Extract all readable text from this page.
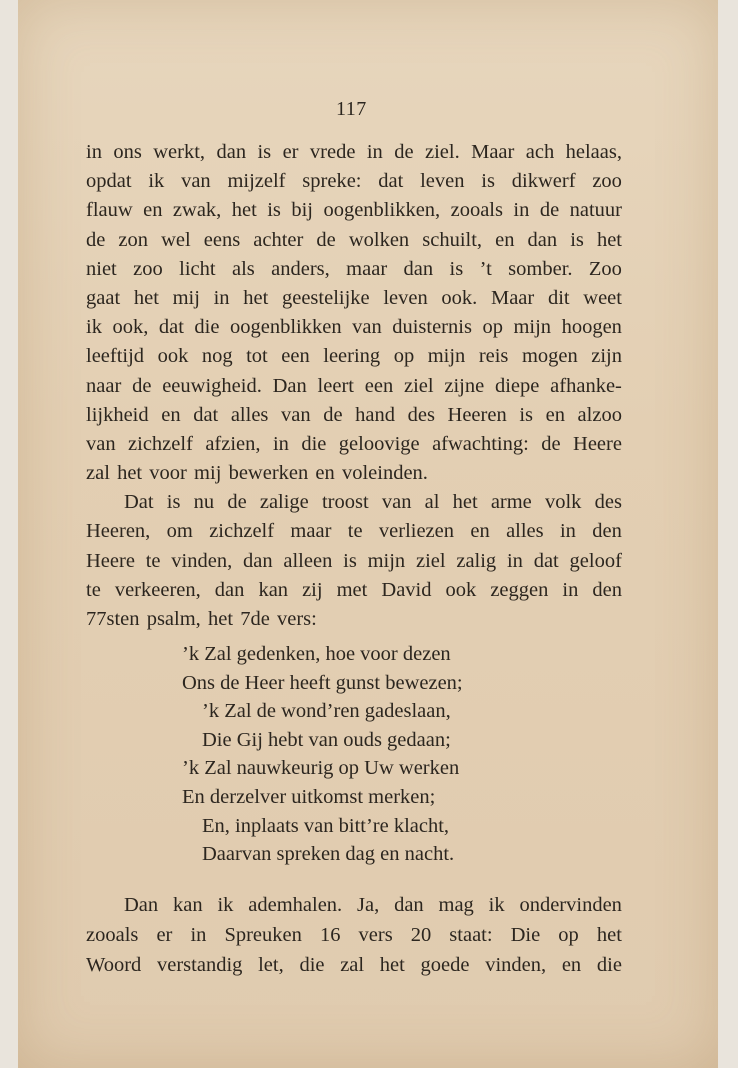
117
in ons werkt, dan is er vrede in de ziel. Maar ach helaas,
opdat ik van mijzelf spreke: dat leven is dikwerf zoo
flauw en zwak, het is bij oogenblikken, zooals in de natuur
de zon wel eens achter de wolken schuilt, en dan is het
niet zoo licht als anders, maar dan is ’t somber. Zoo
gaat het mij in het geestelijke leven ook. Maar dit weet
ik ook, dat die oogenblikken van duisternis op mijn hoogen
leeftijd ook nog tot een leering op mijn reis mogen zijn
naar de eeuwigheid. Dan leert een ziel zijne diepe afhanke-
lijkheid en dat alles van de hand des Heeren is en alzoo
van zichzelf afzien, in die geloovige afwachting: de Heere
zal het voor mij bewerken en voleinden.
Dat is nu de zalige troost van al het arme volk des
Heeren, om zichzelf maar te verliezen en alles in den
Heere te vinden, dan alleen is mijn ziel zalig in dat geloof
te verkeeren, dan kan zij met David ook zeggen in den
77sten psalm, het 7de vers:
’k Zal gedenken, hoe voor dezen
Ons de Heer heeft gunst bewezen;
’k Zal de wond’ren gadeslaan,
Die Gij hebt van ouds gedaan;
’k Zal nauwkeurig op Uw werken
En derzelver uitkomst merken;
En, inplaats van bitt’re klacht,
Daarvan spreken dag en nacht.
Dan kan ik ademhalen. Ja, dan mag ik ondervinden
zooals er in Spreuken 16 vers 20 staat: Die op het
Woord verstandig let, die zal het goede vinden, en die
